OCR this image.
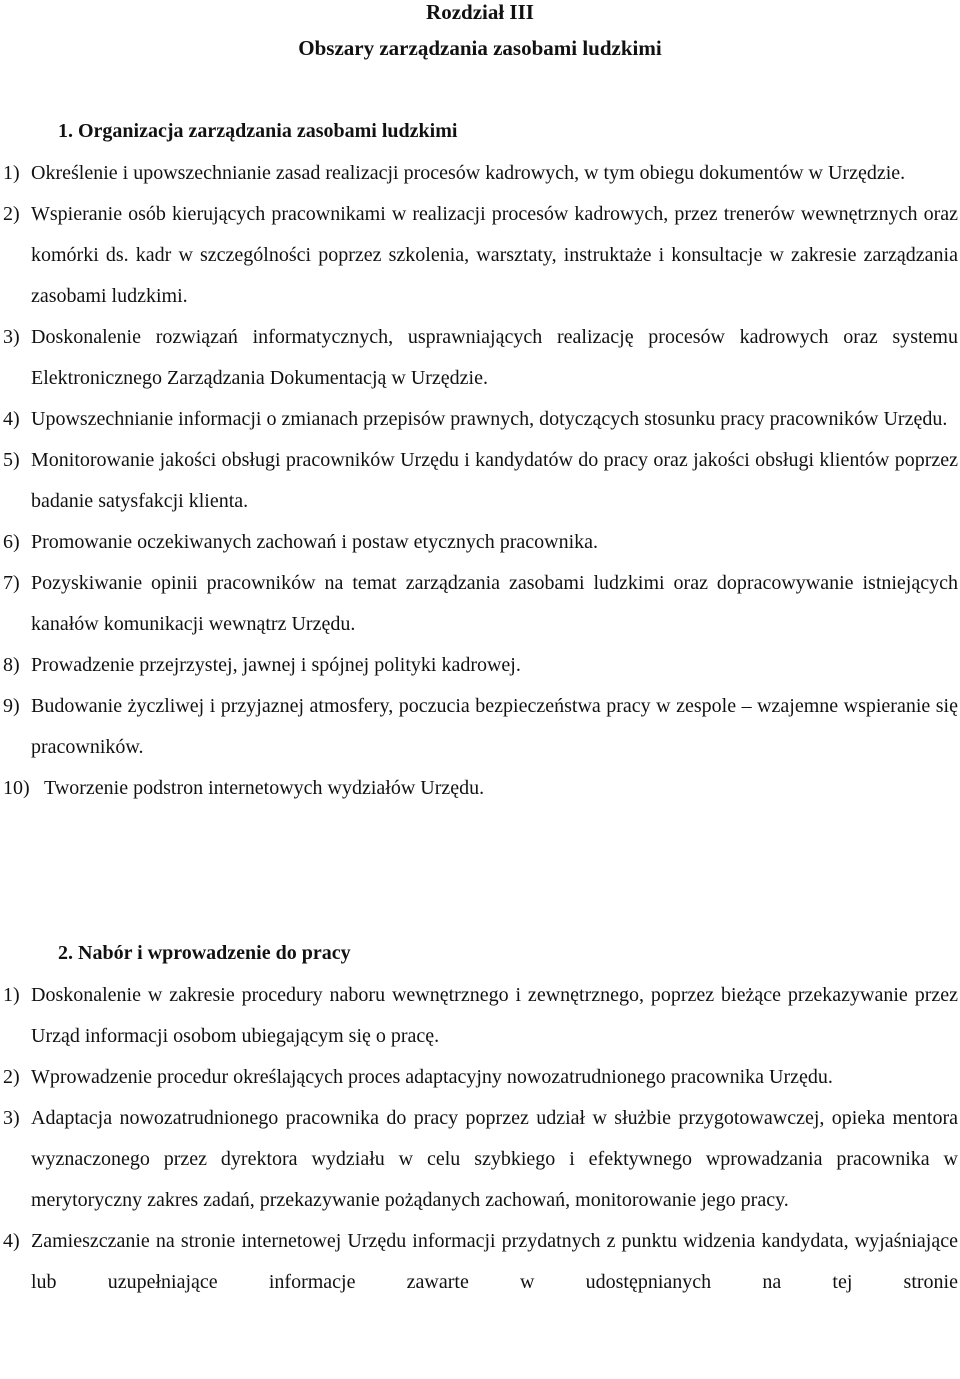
Rozdział III
Obszary zarządzania zasobami ludzkimi
1. Organizacja zarządzania zasobami ludzkimi
1) Określenie i upowszechnianie zasad realizacji procesów kadrowych, w tym obiegu dokumentów w Urzędzie.
2) Wspieranie osób kierujących pracownikami w realizacji procesów kadrowych, przez trenerów wewnętrznych oraz komórki ds. kadr w szczególności poprzez szkolenia, warsztaty, instruktaże i konsultacje w zakresie zarządzania zasobami ludzkimi.
3) Doskonalenie rozwiązań informatycznych, usprawniających realizację procesów kadrowych oraz systemu Elektronicznego Zarządzania Dokumentacją w Urzędzie.
4) Upowszechnianie informacji o zmianach przepisów prawnych, dotyczących stosunku pracy pracowników Urzędu.
5) Monitorowanie jakości obsługi pracowników Urzędu i kandydatów do pracy oraz jakości obsługi klientów poprzez badanie satysfakcji klienta.
6) Promowanie oczekiwanych zachowań i postaw etycznych pracownika.
7) Pozyskiwanie opinii pracowników na temat zarządzania zasobami ludzkimi oraz dopracowywanie istniejących kanałów komunikacji wewnątrz Urzędu.
8) Prowadzenie przejrzystej, jawnej i spójnej polityki kadrowej.
9) Budowanie życzliwej i przyjaznej atmosfery, poczucia bezpieczeństwa pracy w zespole – wzajemne wspieranie się pracowników.
10) Tworzenie podstron internetowych wydziałów Urzędu.
2. Nabór i wprowadzenie do pracy
1) Doskonalenie w zakresie procedury naboru wewnętrznego i zewnętrznego, poprzez bieżące przekazywanie przez Urząd informacji osobom ubiegającym się o pracę.
2) Wprowadzenie procedur określających proces adaptacyjny nowozatrudnionego pracownika Urzędu.
3) Adaptacja nowozatrudnionego pracownika do pracy poprzez udział w służbie przygotowawczej, opieka mentora wyznaczonego przez dyrektora wydziału w celu szybkiego i efektywnego wprowadzania pracownika w merytoryczny zakres zadań, przekazywanie pożądanych zachowań, monitorowanie jego pracy.
4) Zamieszczanie na stronie internetowej Urzędu informacji przydatnych z punktu widzenia kandydata, wyjaśniające lub uzupełniające informacje zawarte w udostępnianych na tej stronie
